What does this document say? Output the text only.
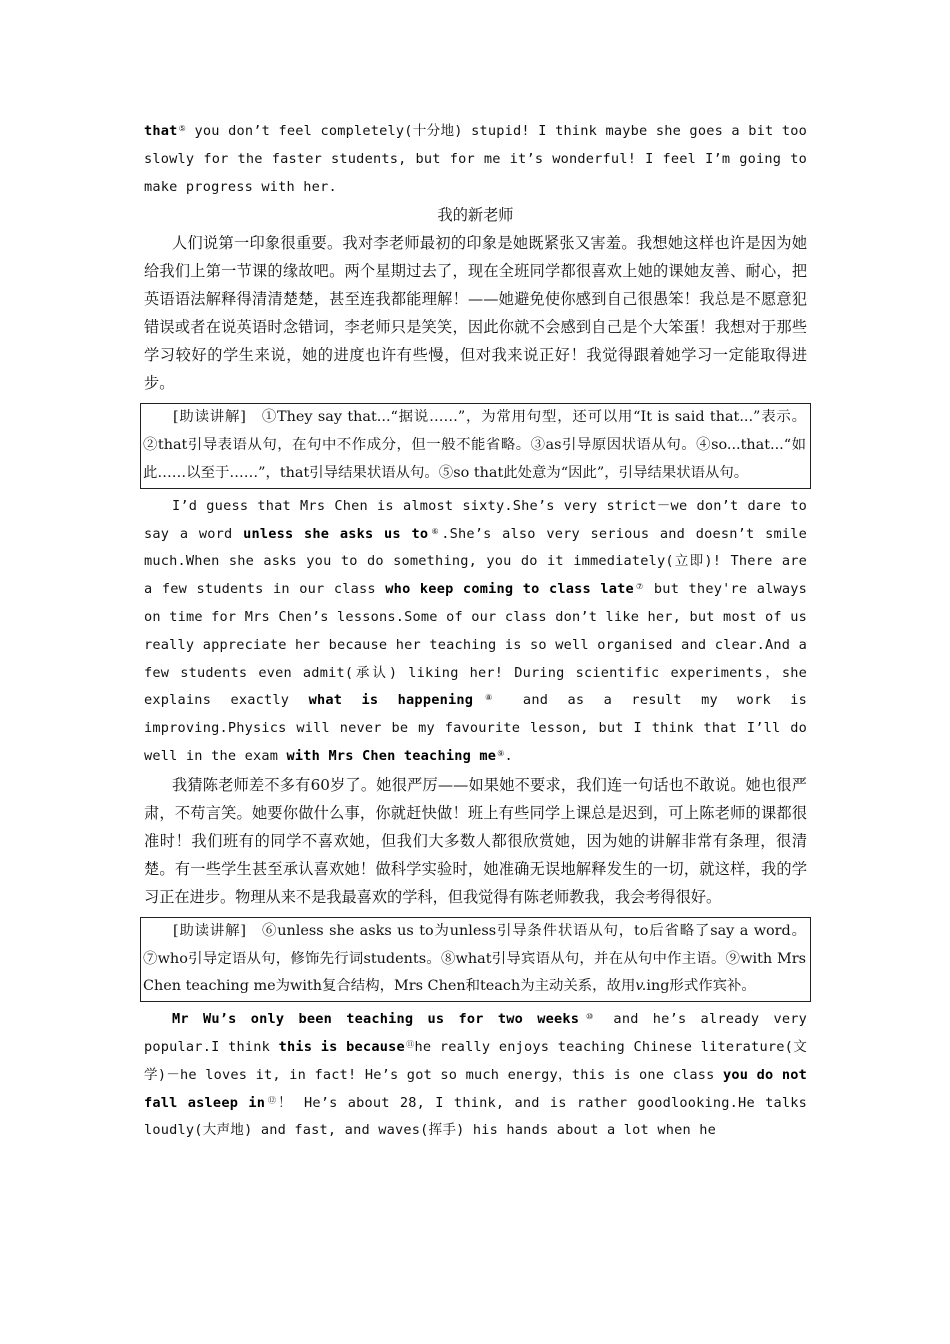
that⑤ you don’t feel completely(十分地) stupid! I think maybe she goes a bit too slowly for the faster students, but for me it’s wonderful! I feel I’m going to make progress with her.

我的新老师

人们说第一印象很重要。我对李老师最初的印象是她既紧张又害羞。我想她这样也许是因为她给我们上第一节课的缘故吧。两个星期过去了，现在全班同学都很喜欢上她的课她友善、耐心，把英语语法解释得清清楚楚，甚至连我都能理解！——她避免使你感到自己很愚笨！我总是不愿意犯错误或者在说英语时念错词，李老师只是笑笑，因此你就不会感到自己是个大笨蛋！我想对于那些学习较好的学生来说，她的进度也许有些慢，但对我来说正好！我觉得跟着她学习一定能取得进步。

[助读讲解]　①They say that...“据说……”，为常用句型，还可以用“It is said that...”表示。②that引导表语从句，在句中不作成分，但一般不能省略。③as引导原因状语从句。④so...that...“如此……以至于……”，that引导结果状语从句。⑤so that此处意为“因此”，引导结果状语从句。

I’d guess that Mrs Chen is almost sixty.She’s very strict－we don’t dare to say a word unless she asks us to⑥.She’s also very serious and doesn’t smile much.When she asks you to do something, you do it immediately(立即)! There are a few students in our class who keep coming to class late⑦ but they're always on time for Mrs Chen’s lessons.Some of our class don’t like her, but most of us really appreciate her because her teaching is so well organised and clear.And a few students even admit(承认) liking her! During scientific experiments，she explains exactly what is happening⑧ and as a result my work is improving.Physics will never be my favourite lesson, but I think that I’ll do well in the exam with Mrs Chen teaching me⑨.

我猜陈老师差不多有60岁了。她很严厉——如果她不要求，我们连一句话也不敢说。她也很严肃，不苟言笑。她要你做什么事，你就赶快做！班上有些同学上课总是迟到，可上陈老师的课都很准时！我们班有的同学不喜欢她，但我们大多数人都很欣赏她，因为她的讲解非常有条理，很清楚。有一些学生甚至承认喜欢她！做科学实验时，她准确无误地解释发生的一切，就这样，我的学习正在进步。物理从来不是我最喜欢的学科，但我觉得有陈老师教我，我会考得很好。

[助读讲解]　⑥unless she asks us to为unless引导条件状语从句，to后省略了say a word。⑦who引导定语从句，修饰先行词students。⑧what引导宾语从句，并在从句中作主语。⑨with Mrs Chen teaching me为with复合结构，Mrs Chen和teach为主动关系，故用v.ing形式作宾补。

Mr Wu’s only been teaching us for two weeks⑩ and he’s already very popular.I think this is because⑪he really enjoys teaching Chinese literature(文学)－he loves it, in fact! He’s got so much energy，this is one class you do not fall asleep in⑫！ He’s about 28, I think, and is rather goodlooking.He talks loudly(大声地) and fast, and waves(挥手) his hands about a lot when he
